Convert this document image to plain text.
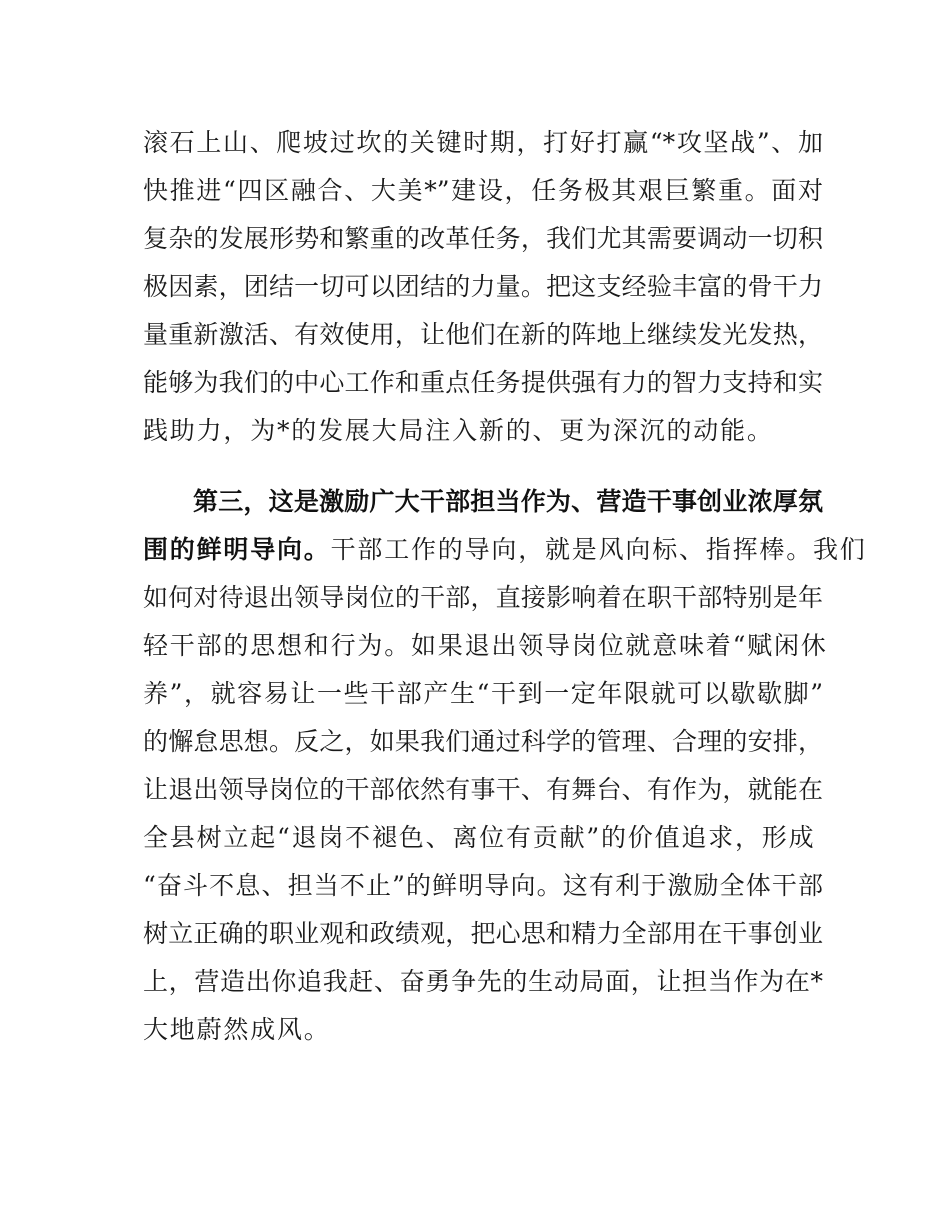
滚石上山、爬坡过坎的关键时期，打好打赢“*攻坚战”、加
快推进“四区融合、大美*”建设，任务极其艰巨繁重。面对
复杂的发展形势和繁重的改革任务，我们尤其需要调动一切积
极因素，团结一切可以团结的力量。把这支经验丰富的骨干力
量重新激活、有效使用，让他们在新的阵地上继续发光发热，
能够为我们的中心工作和重点任务提供强有力的智力支持和实
践助力，为*的发展大局注入新的、更为深沉的动能。
第三，这是激励广大干部担当作为、营造干事创业浓厚氛
围的鲜明导向。干部工作的导向，就是风向标、指挥棒。我们
如何对待退出领导岗位的干部，直接影响着在职干部特别是年
轻干部的思想和行为。如果退出领导岗位就意味着“赋闲休
养”，就容易让一些干部产生“干到一定年限就可以歇歇脚”
的懈怠思想。反之，如果我们通过科学的管理、合理的安排，
让退出领导岗位的干部依然有事干、有舞台、有作为，就能在
全县树立起“退岗不褪色、离位有贡献”的价值追求，形成
“奋斗不息、担当不止”的鲜明导向。这有利于激励全体干部
树立正确的职业观和政绩观，把心思和精力全部用在干事创业
上，营造出你追我赶、奋勇争先的生动局面，让担当作为在*
大地蔚然成风。
